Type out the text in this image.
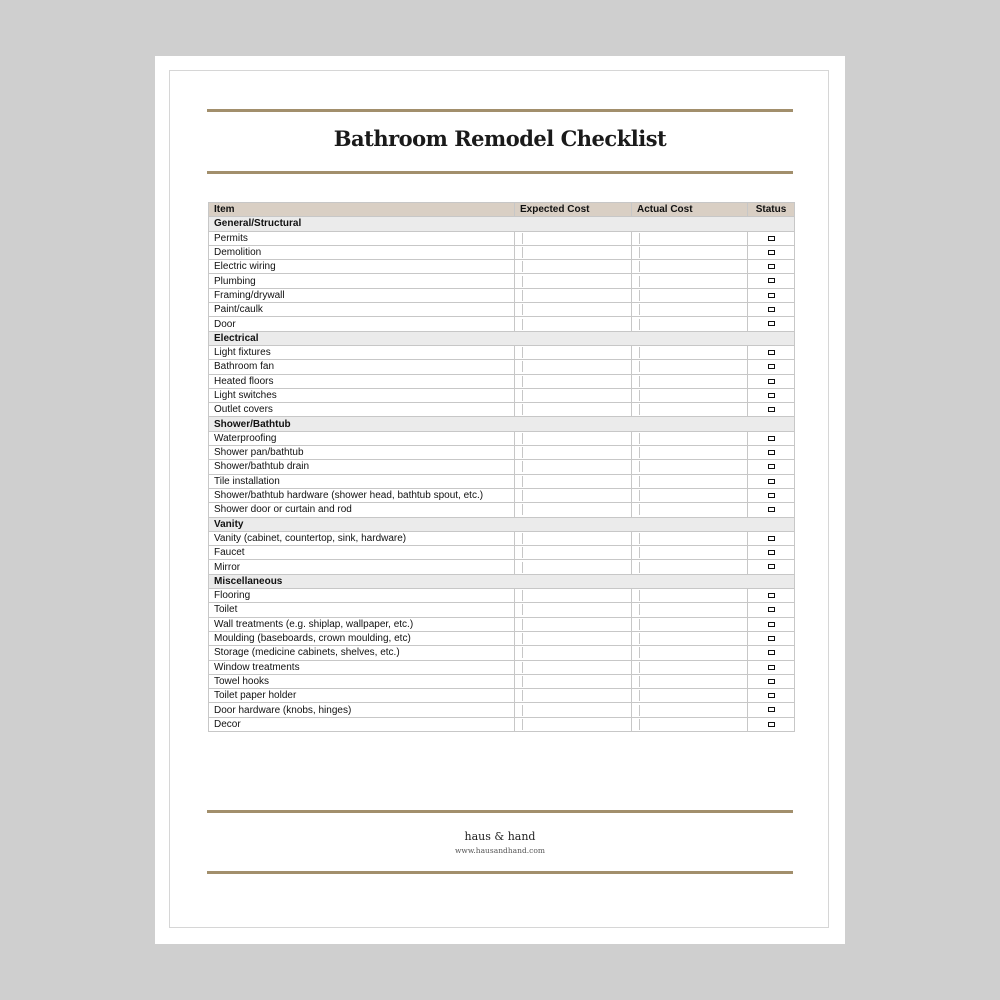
Bathroom Remodel Checklist
Item	Expected Cost	Actual Cost	Status
General/Structural			
Permits	

Demolition	

Electric wiring	

Plumbing	

Framing/drywall	

Paint/caulk	

Door	

Electrical			
Light fixtures	

Bathroom fan	

Heated floors	

Light switches	

Outlet covers	

Shower/Bathtub			
Waterproofing	

Shower pan/bathtub	

Shower/bathtub drain	

Tile installation	

Shower/bathtub hardware (shower head, bathtub spout, etc.)	

Shower door or curtain and rod	

Vanity			
Vanity (cabinet, countertop, sink, hardware)	

Faucet	

Mirror	

Miscellaneous			
Flooring	

Toilet	

Wall treatments (e.g. shiplap, wallpaper, etc.)	

Moulding (baseboards, crown moulding, etc)	

Storage (medicine cabinets, shelves, etc.)	

Window treatments	

Towel hooks	

Toilet paper holder	

Door hardware (knobs, hinges)	

Decor	

haus & hand
www.hausandhand.com
